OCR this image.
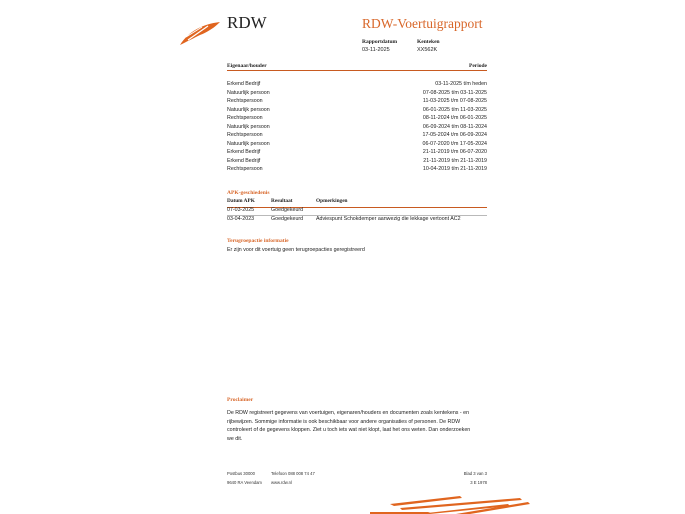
RDW	RDW-Voertuigrapport
Rapportdatum	Kenteken
03-11-2025	XX562K
Eigenaar/houder	Periode
Erkend Bedrijf	03-11-2025 t/m heden
Natuurlijk persoon	07-08-2025 t/m 03-11-2025
Rechtspersoon	11-03-2025 t/m 07-08-2025
Natuurlijk persoon	06-01-2025 t/m 11-03-2025
Rechtspersoon	08-11-2024 t/m 06-01-2025
Natuurlijk persoon	06-09-2024 t/m 08-11-2024
Rechtspersoon	17-05-2024 t/m 06-09-2024
Natuurlijk persoon	06-07-2020 t/m 17-05-2024
Erkend Bedrijf	21-11-2019 t/m 06-07-2020
Erkend Bedrijf	21-11-2019 t/m 21-11-2019
Rechtspersoon	10-04-2019 t/m 21-11-2019
APK-geschiedenis
Datum APK	Resultaat	Opmerkingen
07-03-2025	Goedgekeurd
03-04-2023	Goedgekeurd Advies​punt Schokdemper aanwezig die lekkage vertoont AC2
Terugroepactie informatie
Er zijn voor dit voertuig geen terugroepacties geregistreerd
Proclaimer
De RDW registreert gegevens van voertuigen, eigenaren/houders en documenten zoals kentekens - en
rijbewijzen. Sommige informatie is ook beschikbaar voor andere organisaties of personen. De RDW
controleert of de gegevens kloppen. Ziet u toch iets wat niet klopt, laat het ons weten. Dan onderzoeken
we dit.
Postbus 30000
9640 RA Veendam
Telefoon 088 008 74 47
www.rdw.nl
Blad 3 van 3
3 E 1978
